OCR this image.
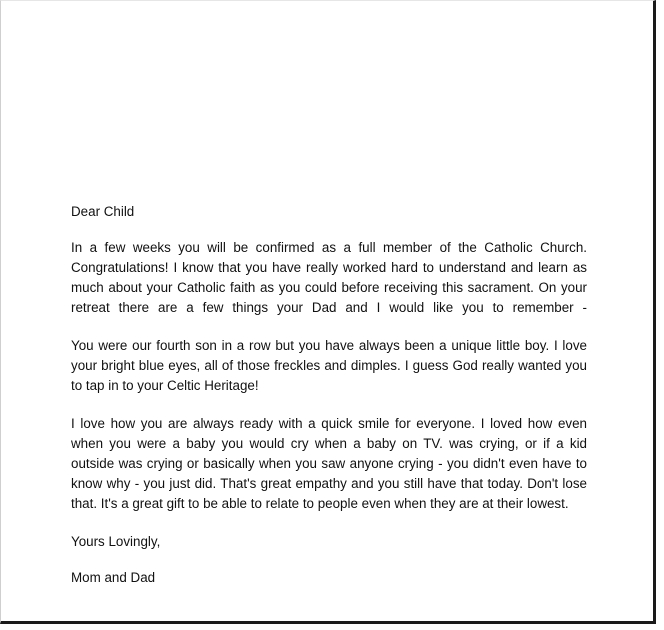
Dear Child

In a few weeks you will be confirmed as a full member of the Catholic Church. Congratulations! I know that you have really worked hard to understand and learn as much about your Catholic faith as you could before receiving this sacrament. On your retreat there are a few things your Dad and I would like you to remember -

You were our fourth son in a row but you have always been a unique little boy. I love your bright blue eyes, all of those freckles and dimples. I guess God really wanted you to tap in to your Celtic Heritage!

I love how you are always ready with a quick smile for everyone. I loved how even when you were a baby you would cry when a baby on TV. was crying, or if a kid outside was crying or basically when you saw anyone crying - you didn't even have to know why - you just did. That's great empathy and you still have that today. Don't lose that. It's a great gift to be able to relate to people even when they are at their lowest.

Yours Lovingly,

Mom and Dad
